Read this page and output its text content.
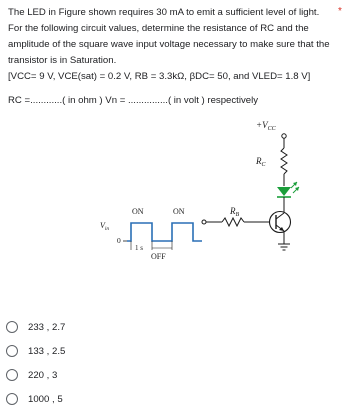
The LED in Figure shown requires 30 mA to emit a sufficient level of light. For the following circuit values, determine the resistance of RC and the amplitude of the square wave input voltage necessary to make sure that the transistor is in Saturation.

*

[VCC= 9 V, VCE(sat) = 0.2 V, RB = 3.3kΩ, βDC= 50, and VLED= 1.8 V]

RC =............( in ohm ) Vn = ...............( in volt ) respectively

$+V_{CC}$
$R_C$
$R_B$
$V_{in}$
0
ON	ON
OFF
1 s
233 , 2.7
133 , 2.5
220 , 3
1000 , 5
